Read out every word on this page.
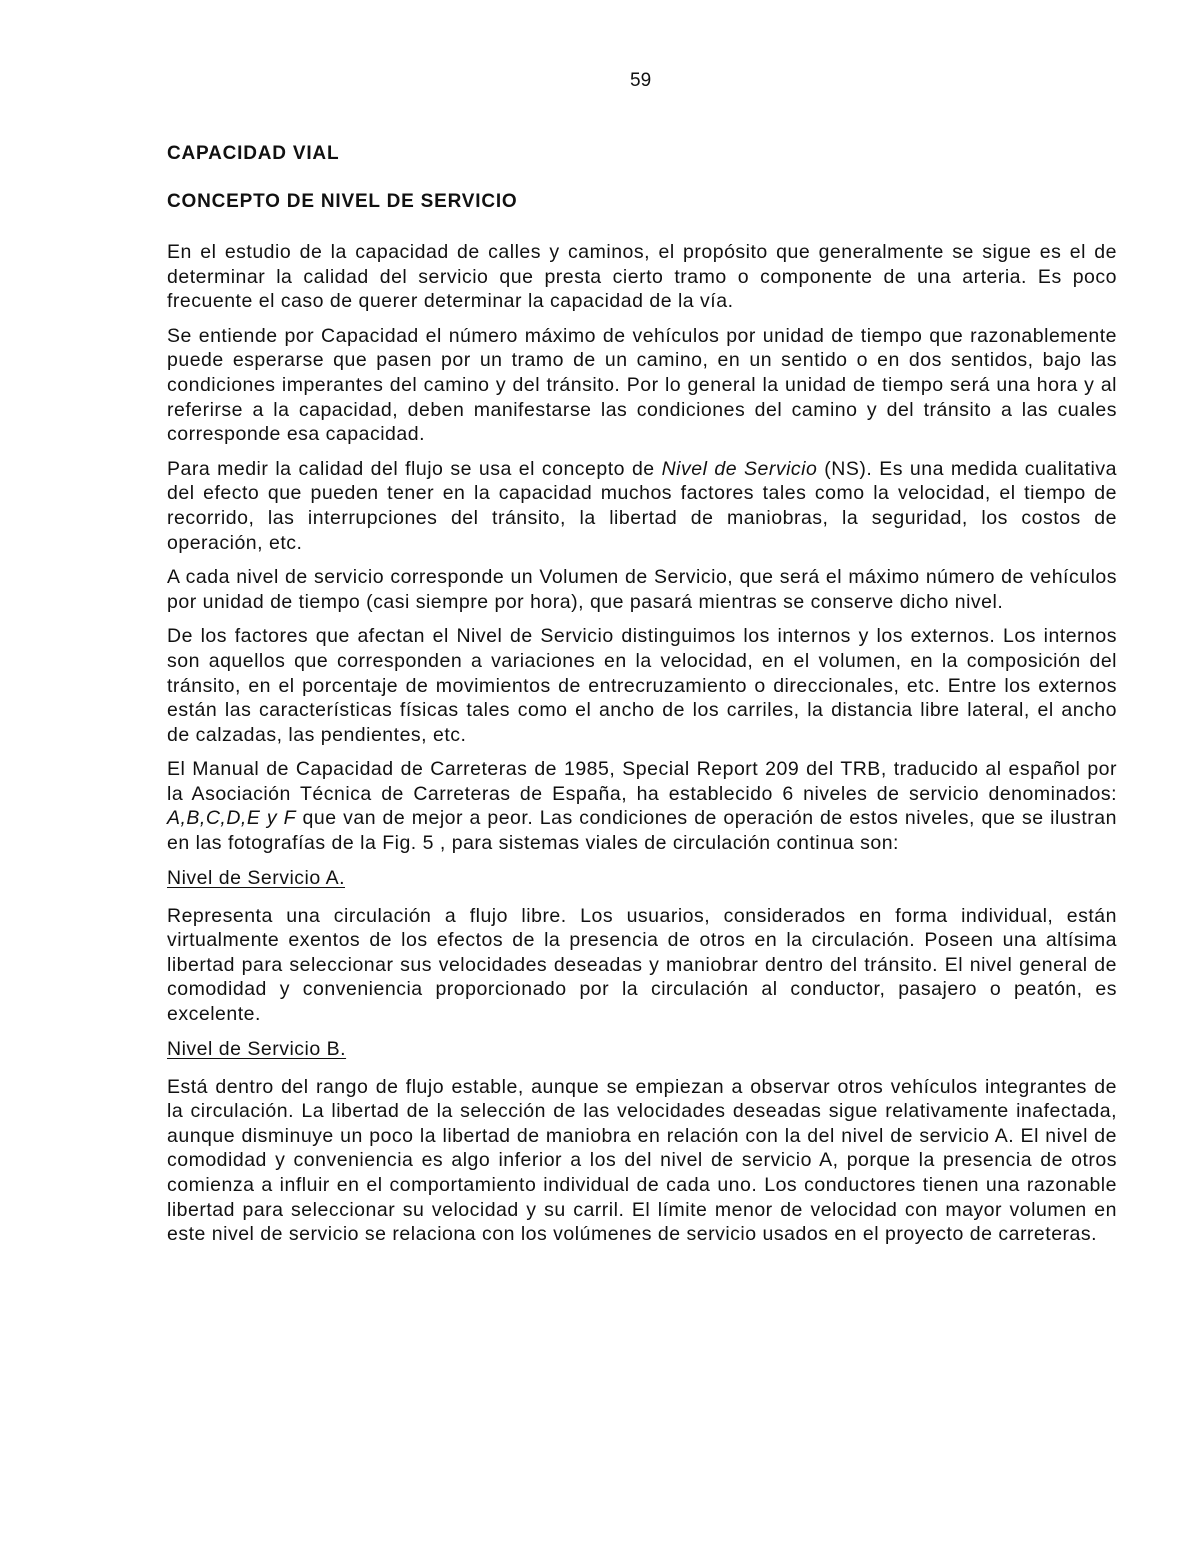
59
CAPACIDAD VIAL
CONCEPTO DE NIVEL DE SERVICIO

En el estudio de la capacidad de calles y caminos, el propósito que generalmente se sigue es el de determinar la calidad del servicio que presta cierto tramo o componente de una arteria. Es poco frecuente el caso de querer determinar la capacidad de la vía.

Se entiende por Capacidad el número máximo de vehículos por unidad de tiempo que razonablemente puede esperarse que pasen por un tramo de un camino, en un sentido o en dos sentidos, bajo las condiciones imperantes del camino y del tránsito. Por lo general la unidad de tiempo será una hora y al referirse a la capacidad, deben manifestarse las condiciones del camino y del tránsito a las cuales corresponde esa capacidad.

Para medir la calidad del flujo se usa el concepto de Nivel de Servicio (NS). Es una medida cualitativa del efecto que pueden tener en la capacidad muchos factores tales como la velocidad, el tiempo de recorrido, las interrupciones del tránsito, la libertad de maniobras, la seguridad, los costos de operación, etc.

A cada nivel de servicio corresponde un Volumen de Servicio, que será el máximo número de vehículos por unidad de tiempo (casi siempre por hora), que pasará mientras se conserve dicho nivel.

De los factores que afectan el Nivel de Servicio distinguimos los internos y los externos. Los internos son aquellos que corresponden a variaciones en la velocidad, en el volumen, en la composición del tránsito, en el porcentaje de movimientos de entrecruzamiento o direccionales, etc. Entre los externos están las características físicas tales como el ancho de los carriles, la distancia libre lateral, el ancho de calzadas, las pendientes, etc.

El Manual de Capacidad de Carreteras de 1985, Special Report 209 del TRB, traducido al español por la Asociación Técnica de Carreteras de España, ha establecido 6 niveles de servicio denominados: A,B,C,D,E y F que van de mejor a peor. Las condiciones de operación de estos niveles, que se ilustran en las fotografías de la Fig. 5 , para sistemas viales de circulación continua son:

Nivel de Servicio A.

Representa una circulación a flujo libre. Los usuarios, considerados en forma individual, están virtualmente exentos de los efectos de la presencia de otros en la circulación. Poseen una altísima libertad para seleccionar sus velocidades deseadas y maniobrar dentro del tránsito. El nivel general de comodidad y conveniencia proporcionado por la circulación al conductor, pasajero o peatón, es excelente.

Nivel de Servicio B.

Está dentro del rango de flujo estable, aunque se empiezan a observar otros vehículos integrantes de la circulación. La libertad de la selección de las velocidades deseadas sigue relativamente inafectada, aunque disminuye un poco la libertad de maniobra en relación con la del nivel de servicio A. El nivel de comodidad y conveniencia es algo inferior a los del nivel de servicio A, porque la presencia de otros comienza a influir en el comportamiento individual de cada uno. Los conductores tienen una razonable libertad para seleccionar su velocidad y su carril. El límite menor de velocidad con mayor volumen en este nivel de servicio se relaciona con los volúmenes de servicio usados en el proyecto de carreteras.
